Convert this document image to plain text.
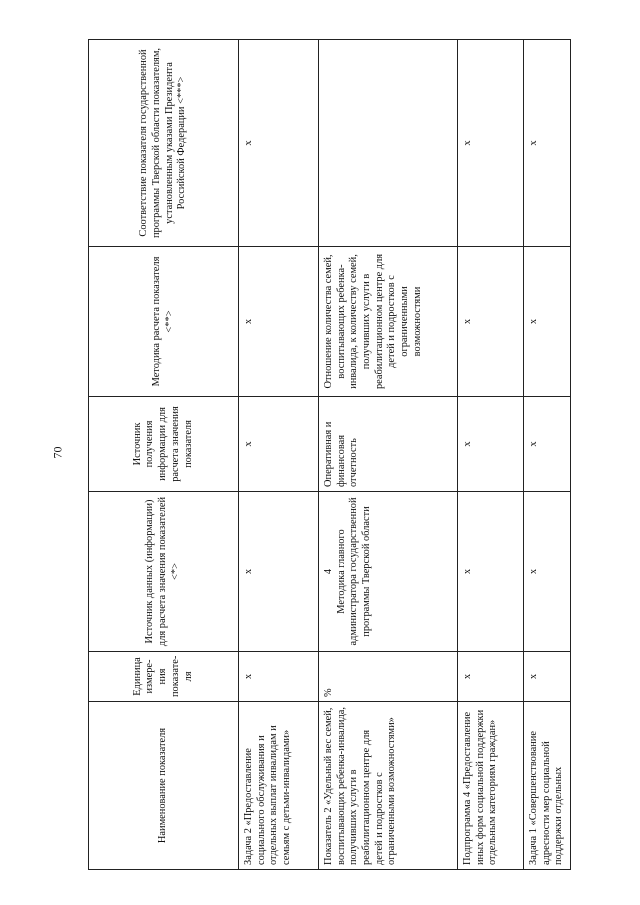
70
Наименование показателя	Единица измере-ния показате-ля	Источник данных (информации) для расчета значения показателей <*>	Источник получения информации для расчета значения показателя	Методика расчета показателя <**>	Соответствие показателя государственной программы Тверской области показателям, установленным указами Президента Российской Федерации <***>
Задача 2 «Предоставление социального обслуживания и отдельных выплат инвалидам и семьям с детьми-инвалидами»	х	х	х	х	х
Показатель 2 «Удельный вес семей, воспитывающих ребенка-инвалида, получивших услуги в реабилитационном центре для детей и подростков с ограниченными возможностями»	%	4 Методика главного администратора государственной программы Тверской области	Оперативная и финансовая отчетность	Отношение количества семей, воспитывающих ребенка-инвалида, к количеству семей, получивших услуги в реабилитационном центре для детей и подростков с ограниченными возможностями	
Подпрограмма 4 «Предоставление иных форм социальной поддержки отдельным категориям граждан»	х	х	х	х	х
Задача 1 «Совершенствование адресности мер социальной поддержки отдельных	х	х	х	х	х
